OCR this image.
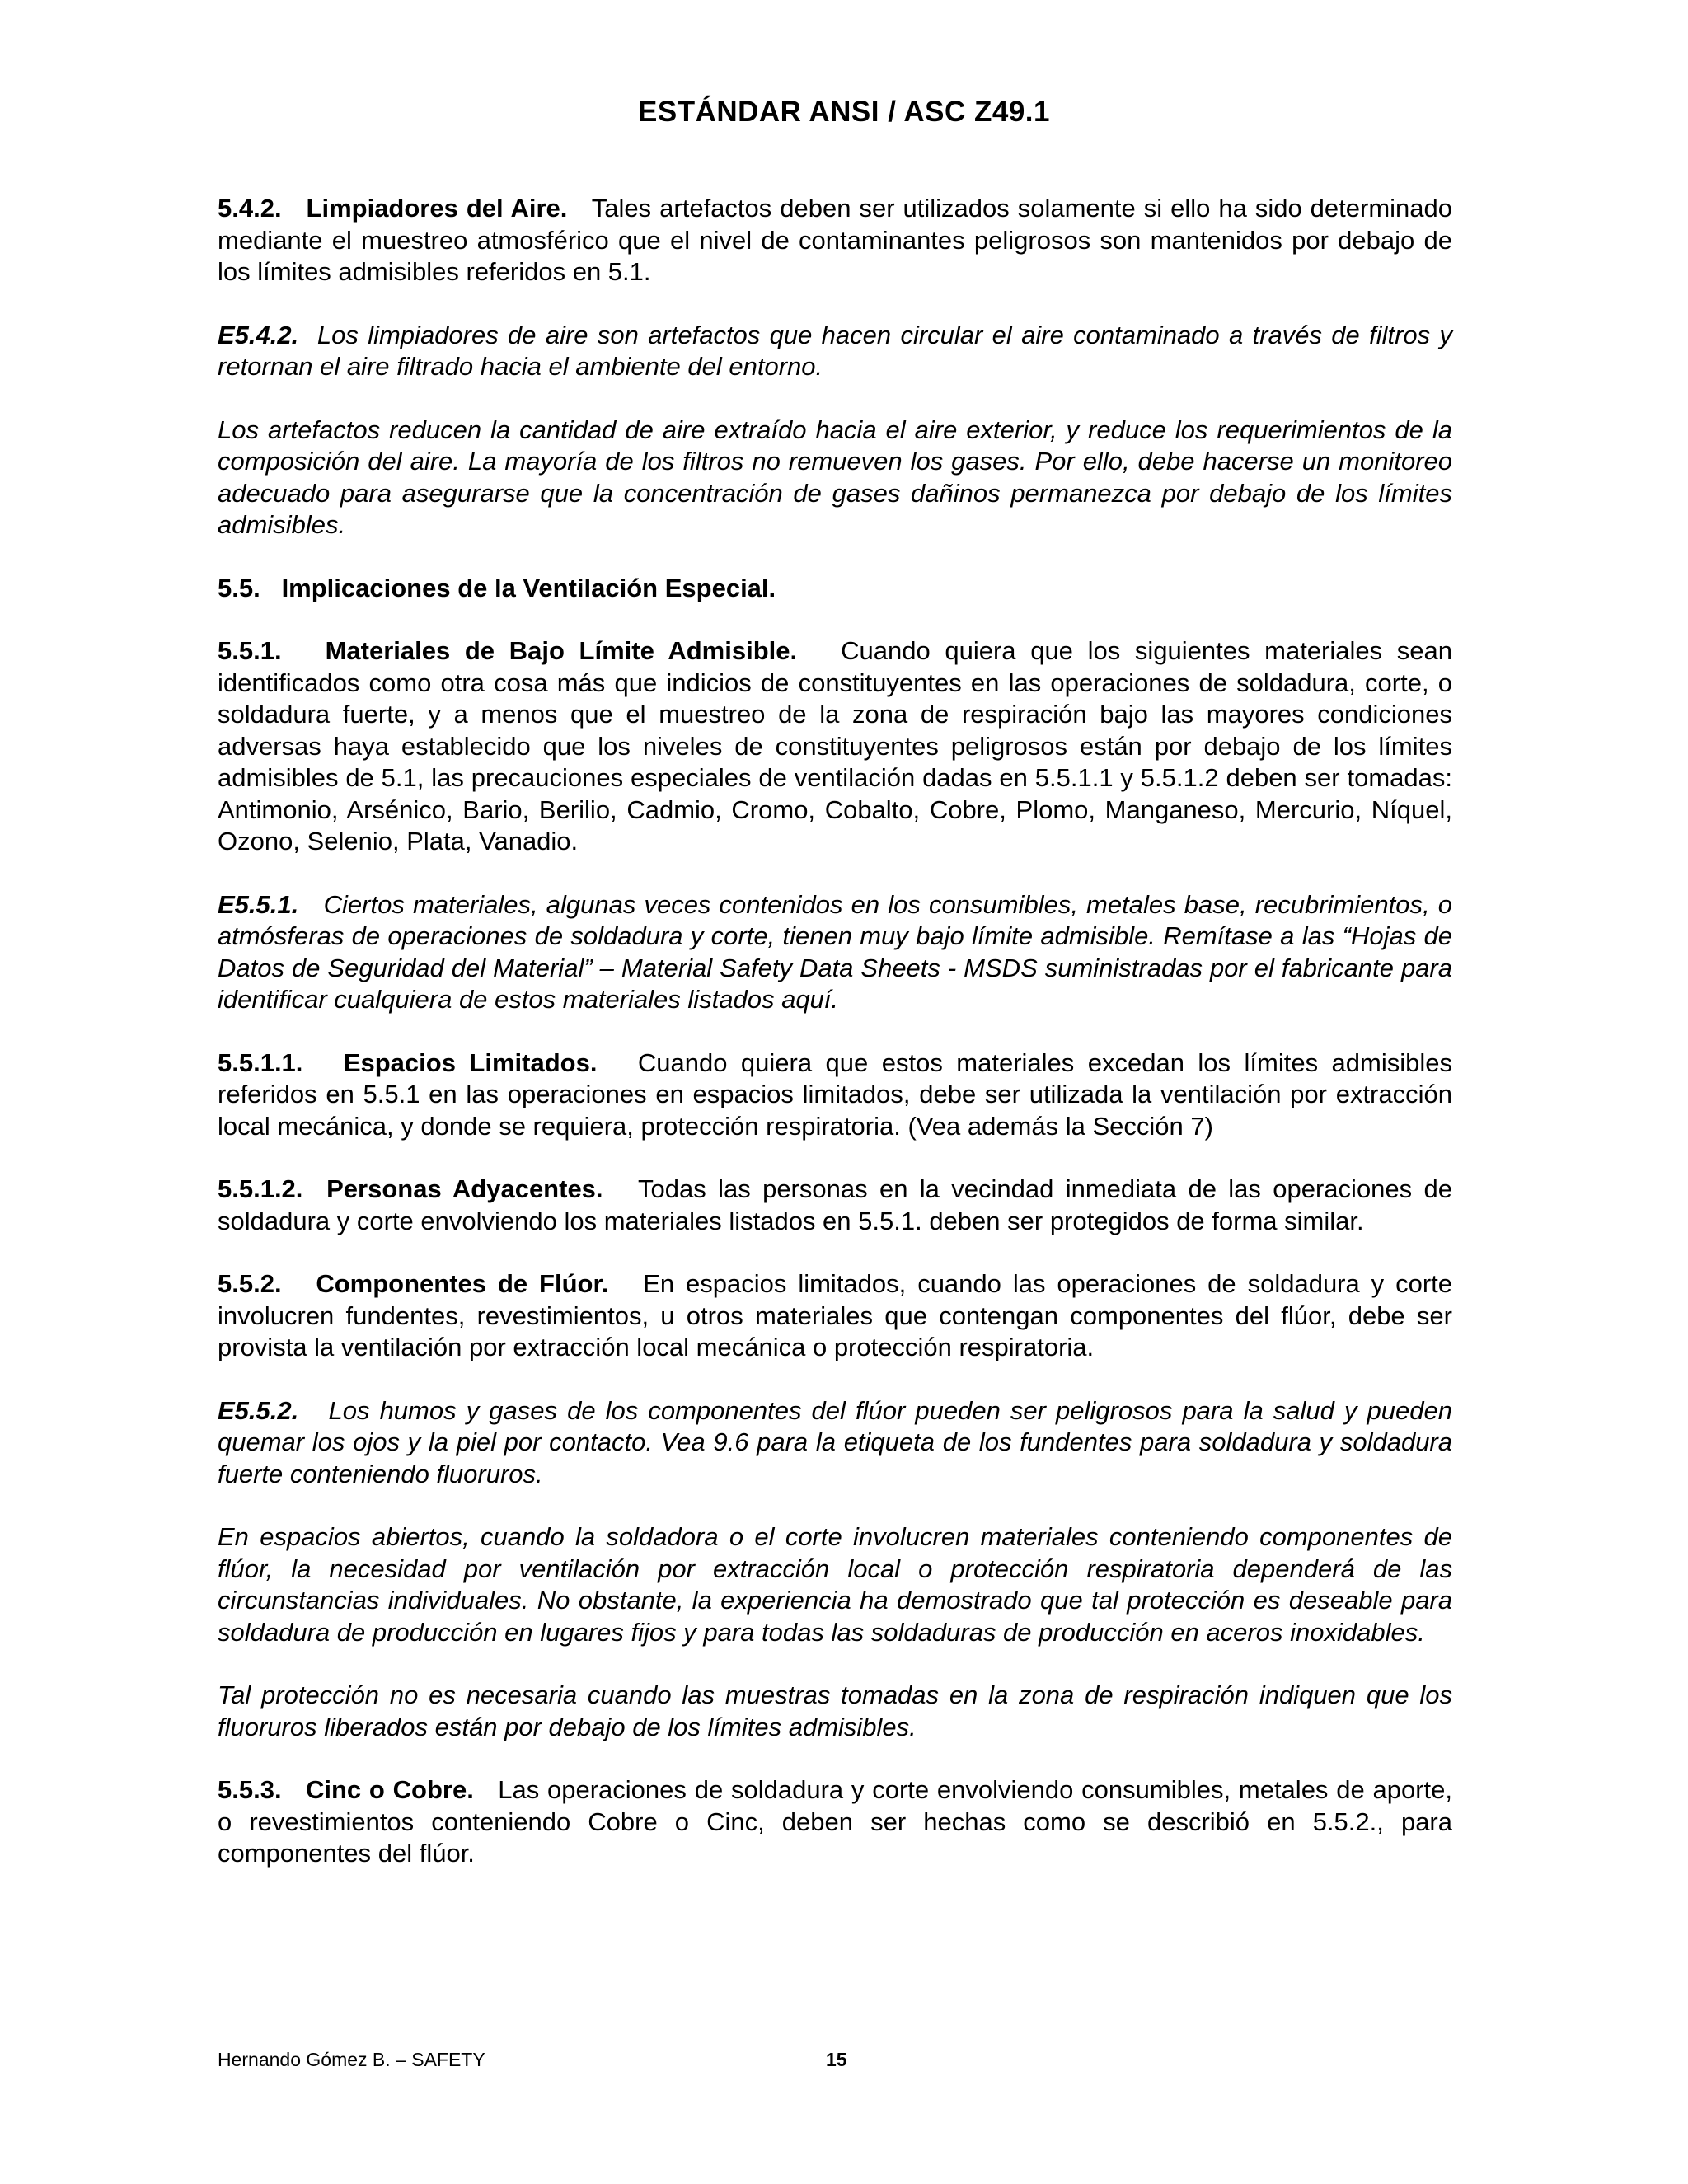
ESTÁNDAR ANSI / ASC Z49.1

5.4.2. Limpiadores del Aire. Tales artefactos deben ser utilizados solamente si ello ha sido determinado mediante el muestreo atmosférico que el nivel de contaminantes peligrosos son mantenidos por debajo de los límites admisibles referidos en 5.1.

E5.4.2. Los limpiadores de aire son artefactos que hacen circular el aire contaminado a través de filtros y retornan el aire filtrado hacia el ambiente del entorno.

Los artefactos reducen la cantidad de aire extraído hacia el aire exterior, y reduce los requerimientos de la composición del aire. La mayoría de los filtros no remueven los gases. Por ello, debe hacerse un monitoreo adecuado para asegurarse que la concentración de gases dañinos permanezca por debajo de los límites admisibles.

5.5. Implicaciones de la Ventilación Especial.

5.5.1. Materiales de Bajo Límite Admisible. Cuando quiera que los siguientes materiales sean identificados como otra cosa más que indicios de constituyentes en las operaciones de soldadura, corte, o soldadura fuerte, y a menos que el muestreo de la zona de respiración bajo las mayores condiciones adversas haya establecido que los niveles de constituyentes peligrosos están por debajo de los límites admisibles de 5.1, las precauciones especiales de ventilación dadas en 5.5.1.1 y 5.5.1.2 deben ser tomadas: Antimonio, Arsénico, Bario, Berilio, Cadmio, Cromo, Cobalto, Cobre, Plomo, Manganeso, Mercurio, Níquel, Ozono, Selenio, Plata, Vanadio.

E5.5.1. Ciertos materiales, algunas veces contenidos en los consumibles, metales base, recubrimientos, o atmósferas de operaciones de soldadura y corte, tienen muy bajo límite admisible. Remítase a las “Hojas de Datos de Seguridad del Material” – Material Safety Data Sheets - MSDS suministradas por el fabricante para identificar cualquiera de estos materiales listados aquí.

5.5.1.1. Espacios Limitados. Cuando quiera que estos materiales excedan los límites admisibles referidos en 5.5.1 en las operaciones en espacios limitados, debe ser utilizada la ventilación por extracción local mecánica, y donde se requiera, protección respiratoria. (Vea además la Sección 7)

5.5.1.2. Personas Adyacentes. Todas las personas en la vecindad inmediata de las operaciones de soldadura y corte envolviendo los materiales listados en 5.5.1. deben ser protegidos de forma similar.

5.5.2. Componentes de Flúor. En espacios limitados, cuando las operaciones de soldadura y corte involucren fundentes, revestimientos, u otros materiales que contengan componentes del flúor, debe ser provista la ventilación por extracción local mecánica o protección respiratoria.

E5.5.2. Los humos y gases de los componentes del flúor pueden ser peligrosos para la salud y pueden quemar los ojos y la piel por contacto. Vea 9.6 para la etiqueta de los fundentes para soldadura y soldadura fuerte conteniendo fluoruros.

En espacios abiertos, cuando la soldadora o el corte involucren materiales conteniendo componentes de flúor, la necesidad por ventilación por extracción local o protección respiratoria dependerá de las circunstancias individuales. No obstante, la experiencia ha demostrado que tal protección es deseable para soldadura de producción en lugares fijos y para todas las soldaduras de producción en aceros inoxidables.

Tal protección no es necesaria cuando las muestras tomadas en la zona de respiración indiquen que los fluoruros liberados están por debajo de los límites admisibles.

5.5.3. Cinc o Cobre. Las operaciones de soldadura y corte envolviendo consumibles, metales de aporte, o revestimientos conteniendo Cobre o Cinc, deben ser hechas como se describió en 5.5.2., para componentes del flúor.

Hernando Gómez B. – SAFETY	15
